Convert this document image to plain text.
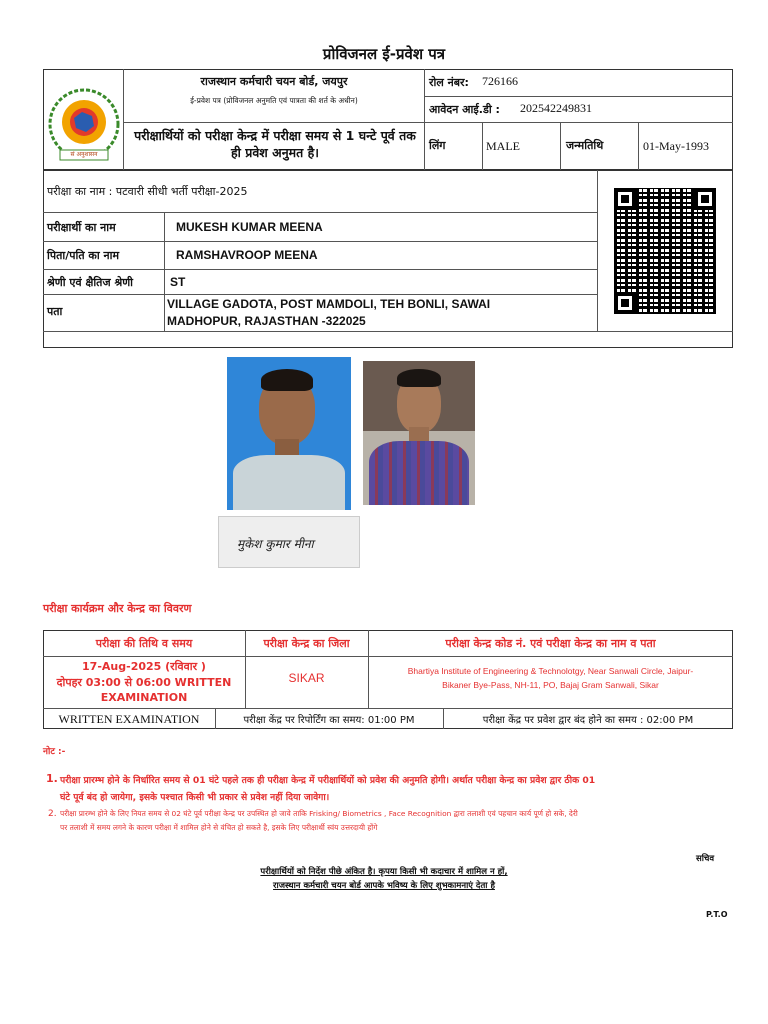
प्रोविजनल ई-प्रवेश पत्र
सं अनुशासन
राजस्थान कर्मचारी चयन बोर्ड, जयपुर
ई-प्रवेश पत्र (प्रोविजनल अनुमति एवं पात्रता की शर्त के अधीन)
परीक्षार्थियों को परीक्षा केन्द्र में परीक्षा समय से 1 घन्टे पूर्व तक ही प्रवेश अनुमत है।
रोल नंबर: 726166
आवेदन आई.डी : 202542249831
लिंग	MALE	जन्मतिथि	01-May-1993
परीक्षा का नाम : पटवारी सीधी भर्ती परीक्षा-2025
परीक्षार्थी का नाम	MUKESH KUMAR MEENA
पिता/पति का नाम	RAMSHAVROOP MEENA
श्रेणी एवं क्षैतिज श्रेणी	ST
पता
VILLAGE GADOTA, POST MAMDOLI, TEH BONLI, SAWAI
MADHOPUR, RAJASTHAN -322025
मुकेश कुमार मीना
परीक्षा कार्यक्रम और केन्द्र का विवरण
परीक्षा की तिथि व समय	परीक्षा केन्द्र का जिला	परीक्षा केन्द्र कोड नं. एवं परीक्षा केन्द्र का नाम व पता
17-Aug-2025 (रविवार )
दोपहर 03:00 से 06:00 WRITTEN
EXAMINATION
SIKAR	Bhartiya Institute of Engineering & Technolotgy, Near Sanwali Circle, Jaipur-
Bikaner Bye-Pass, NH-11, PO, Bajaj Gram Sanwali, Sikar
WRITTEN EXAMINATION	परीक्षा केंद्र पर रिपोर्टिंग का समय: 01:00 PM	परीक्षा केंद्र पर प्रवेश द्वार बंद होने का समय : 02:00 PM
नोट :-
1. परीक्षा प्रारम्भ होने के निर्धारित समय से 01 घंटे पहले तक ही परीक्षा केन्द्र में परीक्षार्थियों को प्रवेश की अनुमति होगी। अर्थात परीक्षा केन्द्र का प्रवेश द्वार ठीक 01
घंटे पूर्व बंद हो जायेगा, इसके पश्चात किसी भी प्रकार से प्रवेश नहीं दिया जावेगा।
2. परीक्षा प्रारम्भ होने के लिए नियत समय से 02 घंटे पूर्व परीक्षा केन्द्र पर उपस्थित हो जावे ताकि Frisking/ Biometrics , Face Recognition द्वारा तलाशी एवं पहचान कार्य पूर्ण हो सके, देरी
पर तलाशी में समय लगने के कारण परीक्षा में शामिल होने से वंचित हो सकते है, इसके लिए परीक्षार्थी स्वंय उत्तरदायी होंगे
सचिव
परीक्षार्थियों को निर्देश पीछे अंकित है। कृपया किसी भी कदाचार में शामिल न हों,
राजस्थान कर्मचारी चयन बोर्ड आपके भविष्य के लिए शुभकामनाएं देता है
P.T.O
